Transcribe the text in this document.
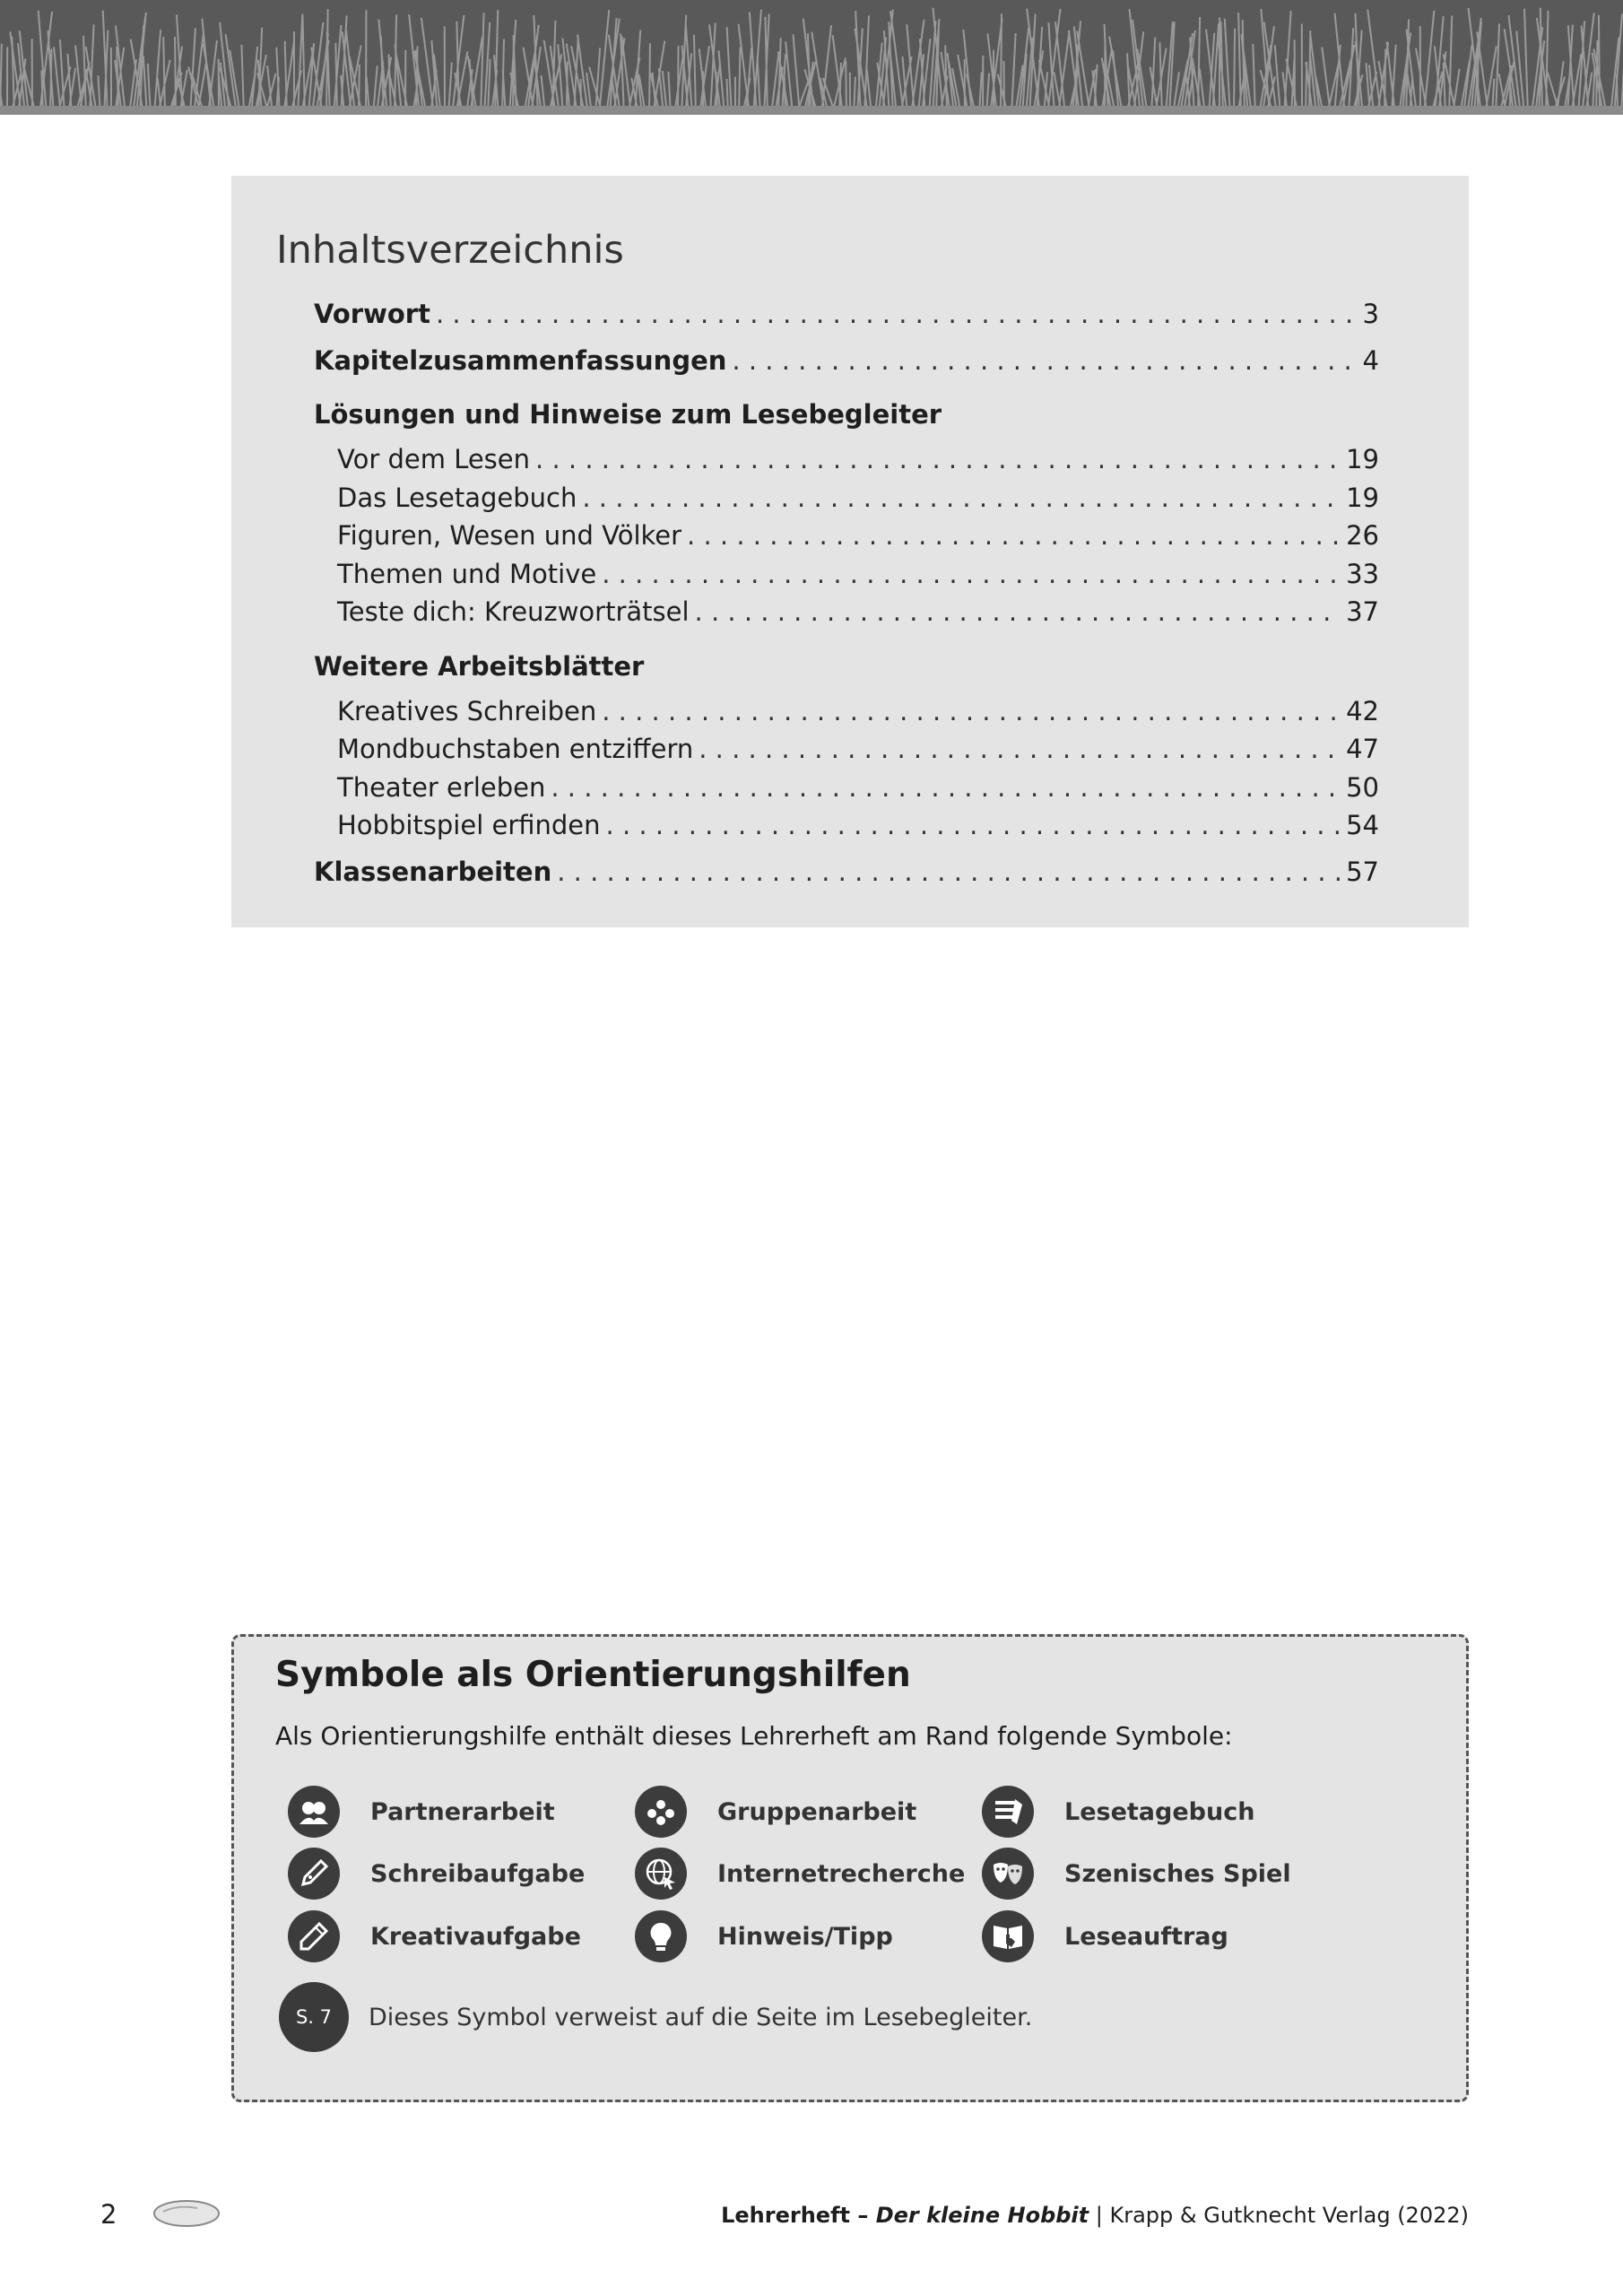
Inhaltsverzeichnis
Vorwort . . .	3
Kapitelzusammenfassungen . . .	4
Lösungen und Hinweise zum Lesebegleiter
Vor dem Lesen . . .	19
Das Lesetagebuch . . .	19
Figuren, Wesen und Völker . . .	26
Themen und Motive . . .	33
Teste dich: Kreuzworträtsel . . .	37
Weitere Arbeitsblätter
Kreatives Schreiben . . .	42
Mondbuchstaben entziffern . . .	47
Theater erleben . . .	50
Hobbitspiel erfinden . . .	54
Klassenarbeiten . . .	57
Symbole als Orientierungshilfen
Als Orientierungshilfe enthält dieses Lehrerheft am Rand folgende Symbole:
Partnerarbeit	Gruppenarbeit	Lesetagebuch
Schreibaufgabe	Internetrecherche	Szenisches Spiel
Kreativaufgabe	Hinweis/Tipp	Leseauftrag
S. 7	Dieses Symbol verweist auf die Seite im Lesebegleiter.
2	Lehrerheft – Der kleine Hobbit | Krapp & Gutknecht Verlag (2022)
